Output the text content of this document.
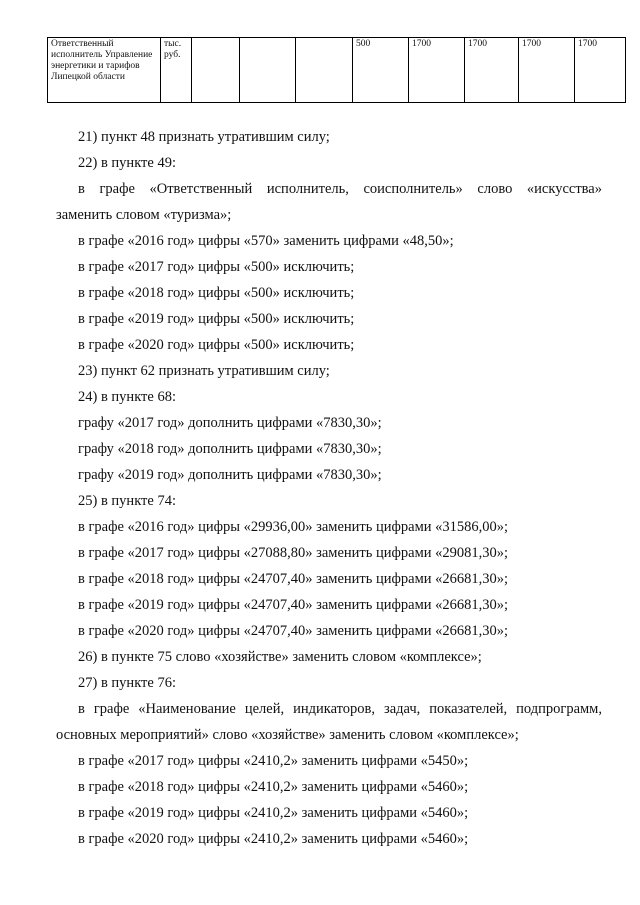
Ответственный исполнитель Управление энергетики и тарифов Липецкой области	тыс. руб.				500	1700	1700	1700	1700
21) пункт 48 признать утратившим силу;
22) в пункте 49:
в графе «Ответственный исполнитель, соисполнитель» слово «искусства»
заменить словом «туризма»;
в графе «2016 год» цифры «570» заменить цифрами «48,50»;
в графе «2017 год» цифры «500» исключить;
в графе «2018 год» цифры «500» исключить;
в графе «2019 год» цифры «500» исключить;
в графе «2020 год» цифры «500» исключить;
23) пункт 62 признать утратившим силу;
24) в пункте 68:
графу «2017 год» дополнить цифрами «7830,30»;
графу «2018 год» дополнить цифрами «7830,30»;
графу «2019 год» дополнить цифрами «7830,30»;
25) в пункте 74:
в графе «2016 год» цифры «29936,00» заменить цифрами «31586,00»;
в графе «2017 год» цифры «27088,80» заменить цифрами «29081,30»;
в графе «2018 год» цифры «24707,40» заменить цифрами «26681,30»;
в графе «2019 год» цифры «24707,40» заменить цифрами «26681,30»;
в графе «2020 год» цифры «24707,40» заменить цифрами «26681,30»;
26) в пункте 75 слово «хозяйстве» заменить словом «комплексе»;
27) в пункте 76:
в графе «Наименование целей, индикаторов, задач, показателей, подпрограмм,
основных мероприятий» слово «хозяйстве» заменить словом «комплексе»;
в графе «2017 год» цифры «2410,2» заменить цифрами «5450»;
в графе «2018 год» цифры «2410,2» заменить цифрами «5460»;
в графе «2019 год» цифры «2410,2» заменить цифрами «5460»;
в графе «2020 год» цифры «2410,2» заменить цифрами «5460»;
